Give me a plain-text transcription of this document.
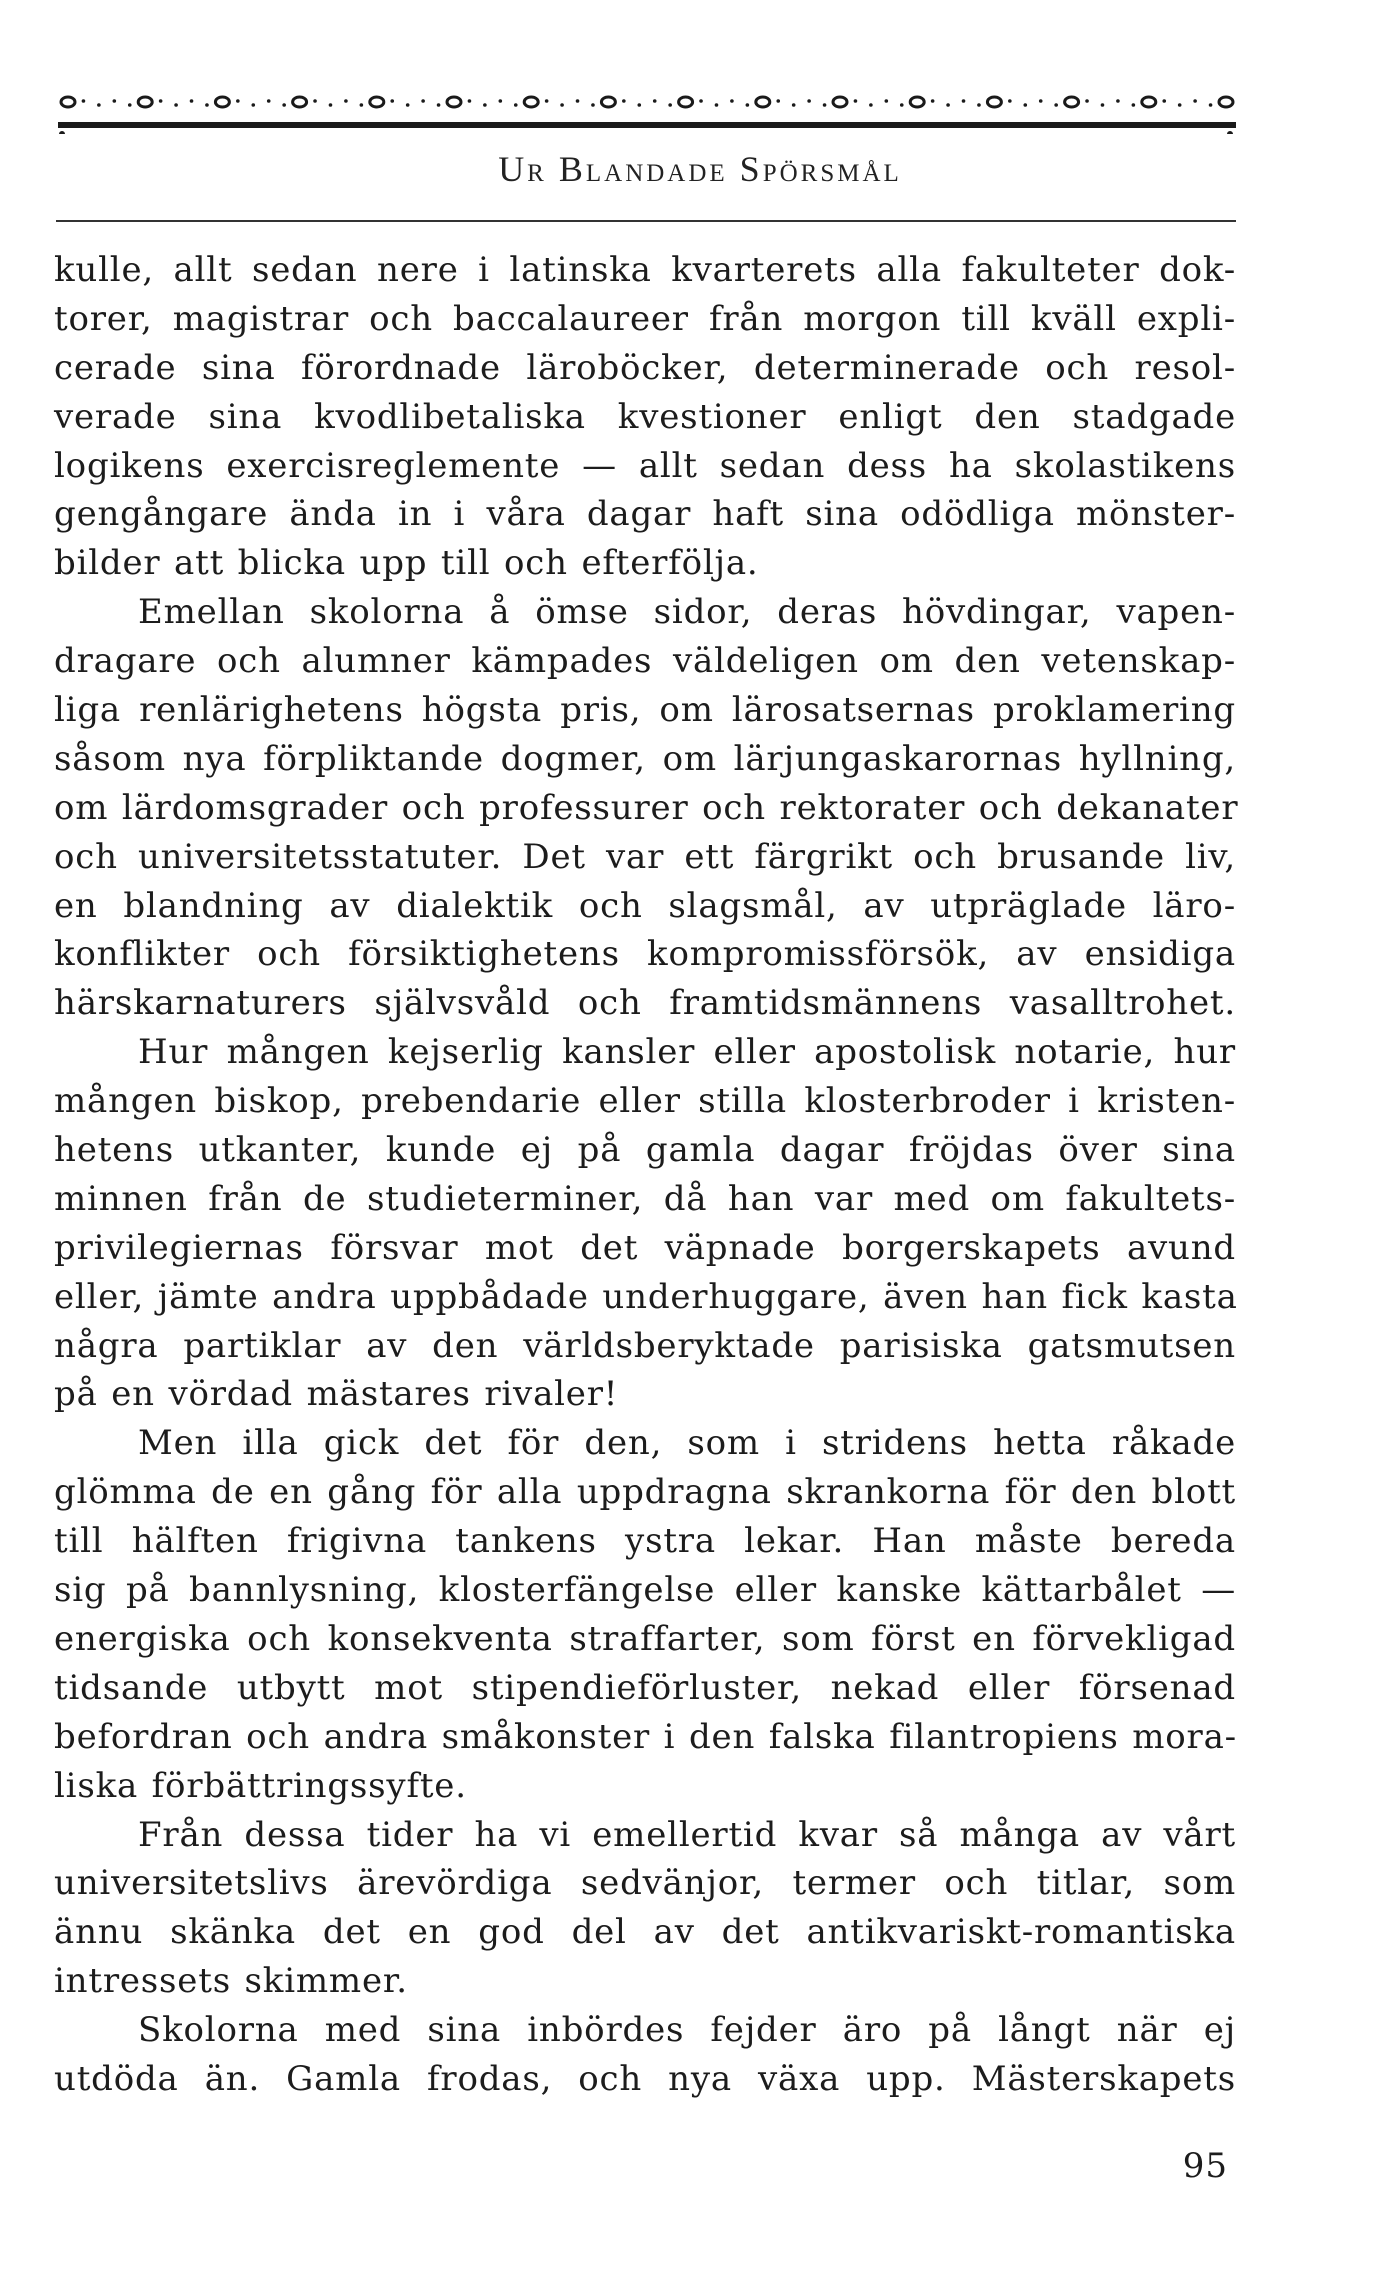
Ur Blandade Spörsmål
kulle, allt sedan nere i latinska kvarterets alla fakulteter dok-
torer, magistrar och baccalaureer från morgon till kväll expli-
cerade sina förordnade läroböcker, determinerade och resol-
verade sina kvodlibetaliska kvestioner enligt den stadgade
logikens exercisreglemente — allt sedan dess ha skolastikens
gengångare ända in i våra dagar haft sina odödliga mönster-
bilder att blicka upp till och efterfölja.
Emellan skolorna å ömse sidor, deras hövdingar, vapen-
dragare och alumner kämpades väldeligen om den vetenskap-
liga renlärighetens högsta pris, om lärosatsernas proklamering
såsom nya förpliktande dogmer, om lärjungaskarornas hyllning,
om lärdomsgrader och professurer och rektorater och dekanater
och universitetsstatuter. Det var ett färgrikt och brusande liv,
en blandning av dialektik och slagsmål, av utpräglade läro-
konflikter och försiktighetens kompromissförsök, av ensidiga
härskarnaturers självsvåld och framtidsmännens vasalltrohet.
Hur mången kejserlig kansler eller apostolisk notarie, hur
mången biskop, prebendarie eller stilla klosterbroder i kristen-
hetens utkanter, kunde ej på gamla dagar fröjdas över sina
minnen från de studieterminer, då han var med om fakultets-
privilegiernas försvar mot det väpnade borgerskapets avund
eller, jämte andra uppbådade underhuggare, även han fick kasta
några partiklar av den världsberyktade parisiska gatsmutsen
på en vördad mästares rivaler!
Men illa gick det för den, som i stridens hetta råkade
glömma de en gång för alla uppdragna skrankorna för den blott
till hälften frigivna tankens ystra lekar. Han måste bereda
sig på bannlysning, klosterfängelse eller kanske kättarbålet —
energiska och konsekventa straffarter, som först en förvekligad
tidsande utbytt mot stipendieförluster, nekad eller försenad
befordran och andra småkonster i den falska filantropiens mora-
liska förbättringssyfte.
Från dessa tider ha vi emellertid kvar så många av vårt
universitetslivs ärevördiga sedvänjor, termer och titlar, som
ännu skänka det en god del av det antikvariskt-romantiska
intressets skimmer.
Skolorna med sina inbördes fejder äro på långt när ej
utdöda än. Gamla frodas, och nya växa upp. Mästerskapets
95
